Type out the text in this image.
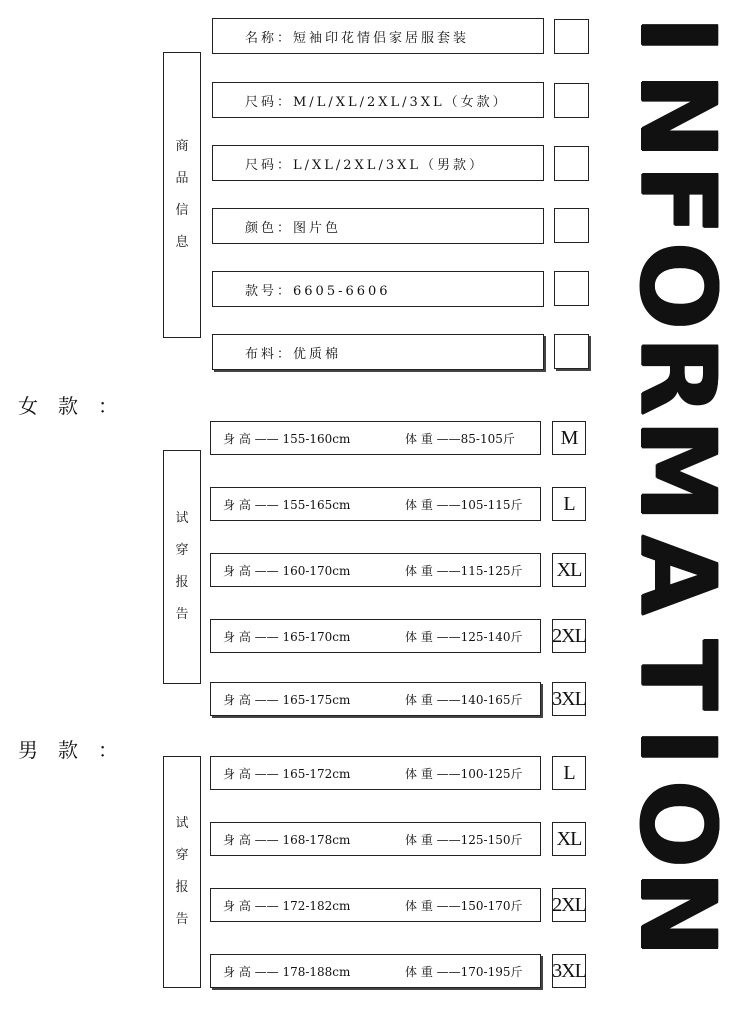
商
品
信
息
名称：短袖印花情侣家居服套装
尺码：M/L/XL/2XL/3XL（女款）
尺码：L/XL/2XL/3XL（男款）
颜色：图片色
款号：6605-6606
布料：优质棉
女　款　：
试
穿
报
告
身 高 —— 155-160cm	体 重 ——85-105斤	M
身 高 —— 155-165cm	体 重 ——105-115斤	L
身 高 —— 160-170cm	体 重 ——115-125斤 XL
身 高 —— 165-170cm	体 重 ——125-140斤 2XL
身 高 —— 165-175cm	体 重 ——140-165斤 3XL
男　款　：
试
穿
报
告
身 高 —— 165-172cm	体 重 ——100-125斤	L
身 高 —— 168-178cm	体 重 ——125-150斤 XL
身 高 —— 172-182cm	体 重 ——150-170斤 2XL
身 高 —— 178-188cm	体 重 ——170-195斤 3XL
I
N
F
O
R
M
A
T
I
O
N
